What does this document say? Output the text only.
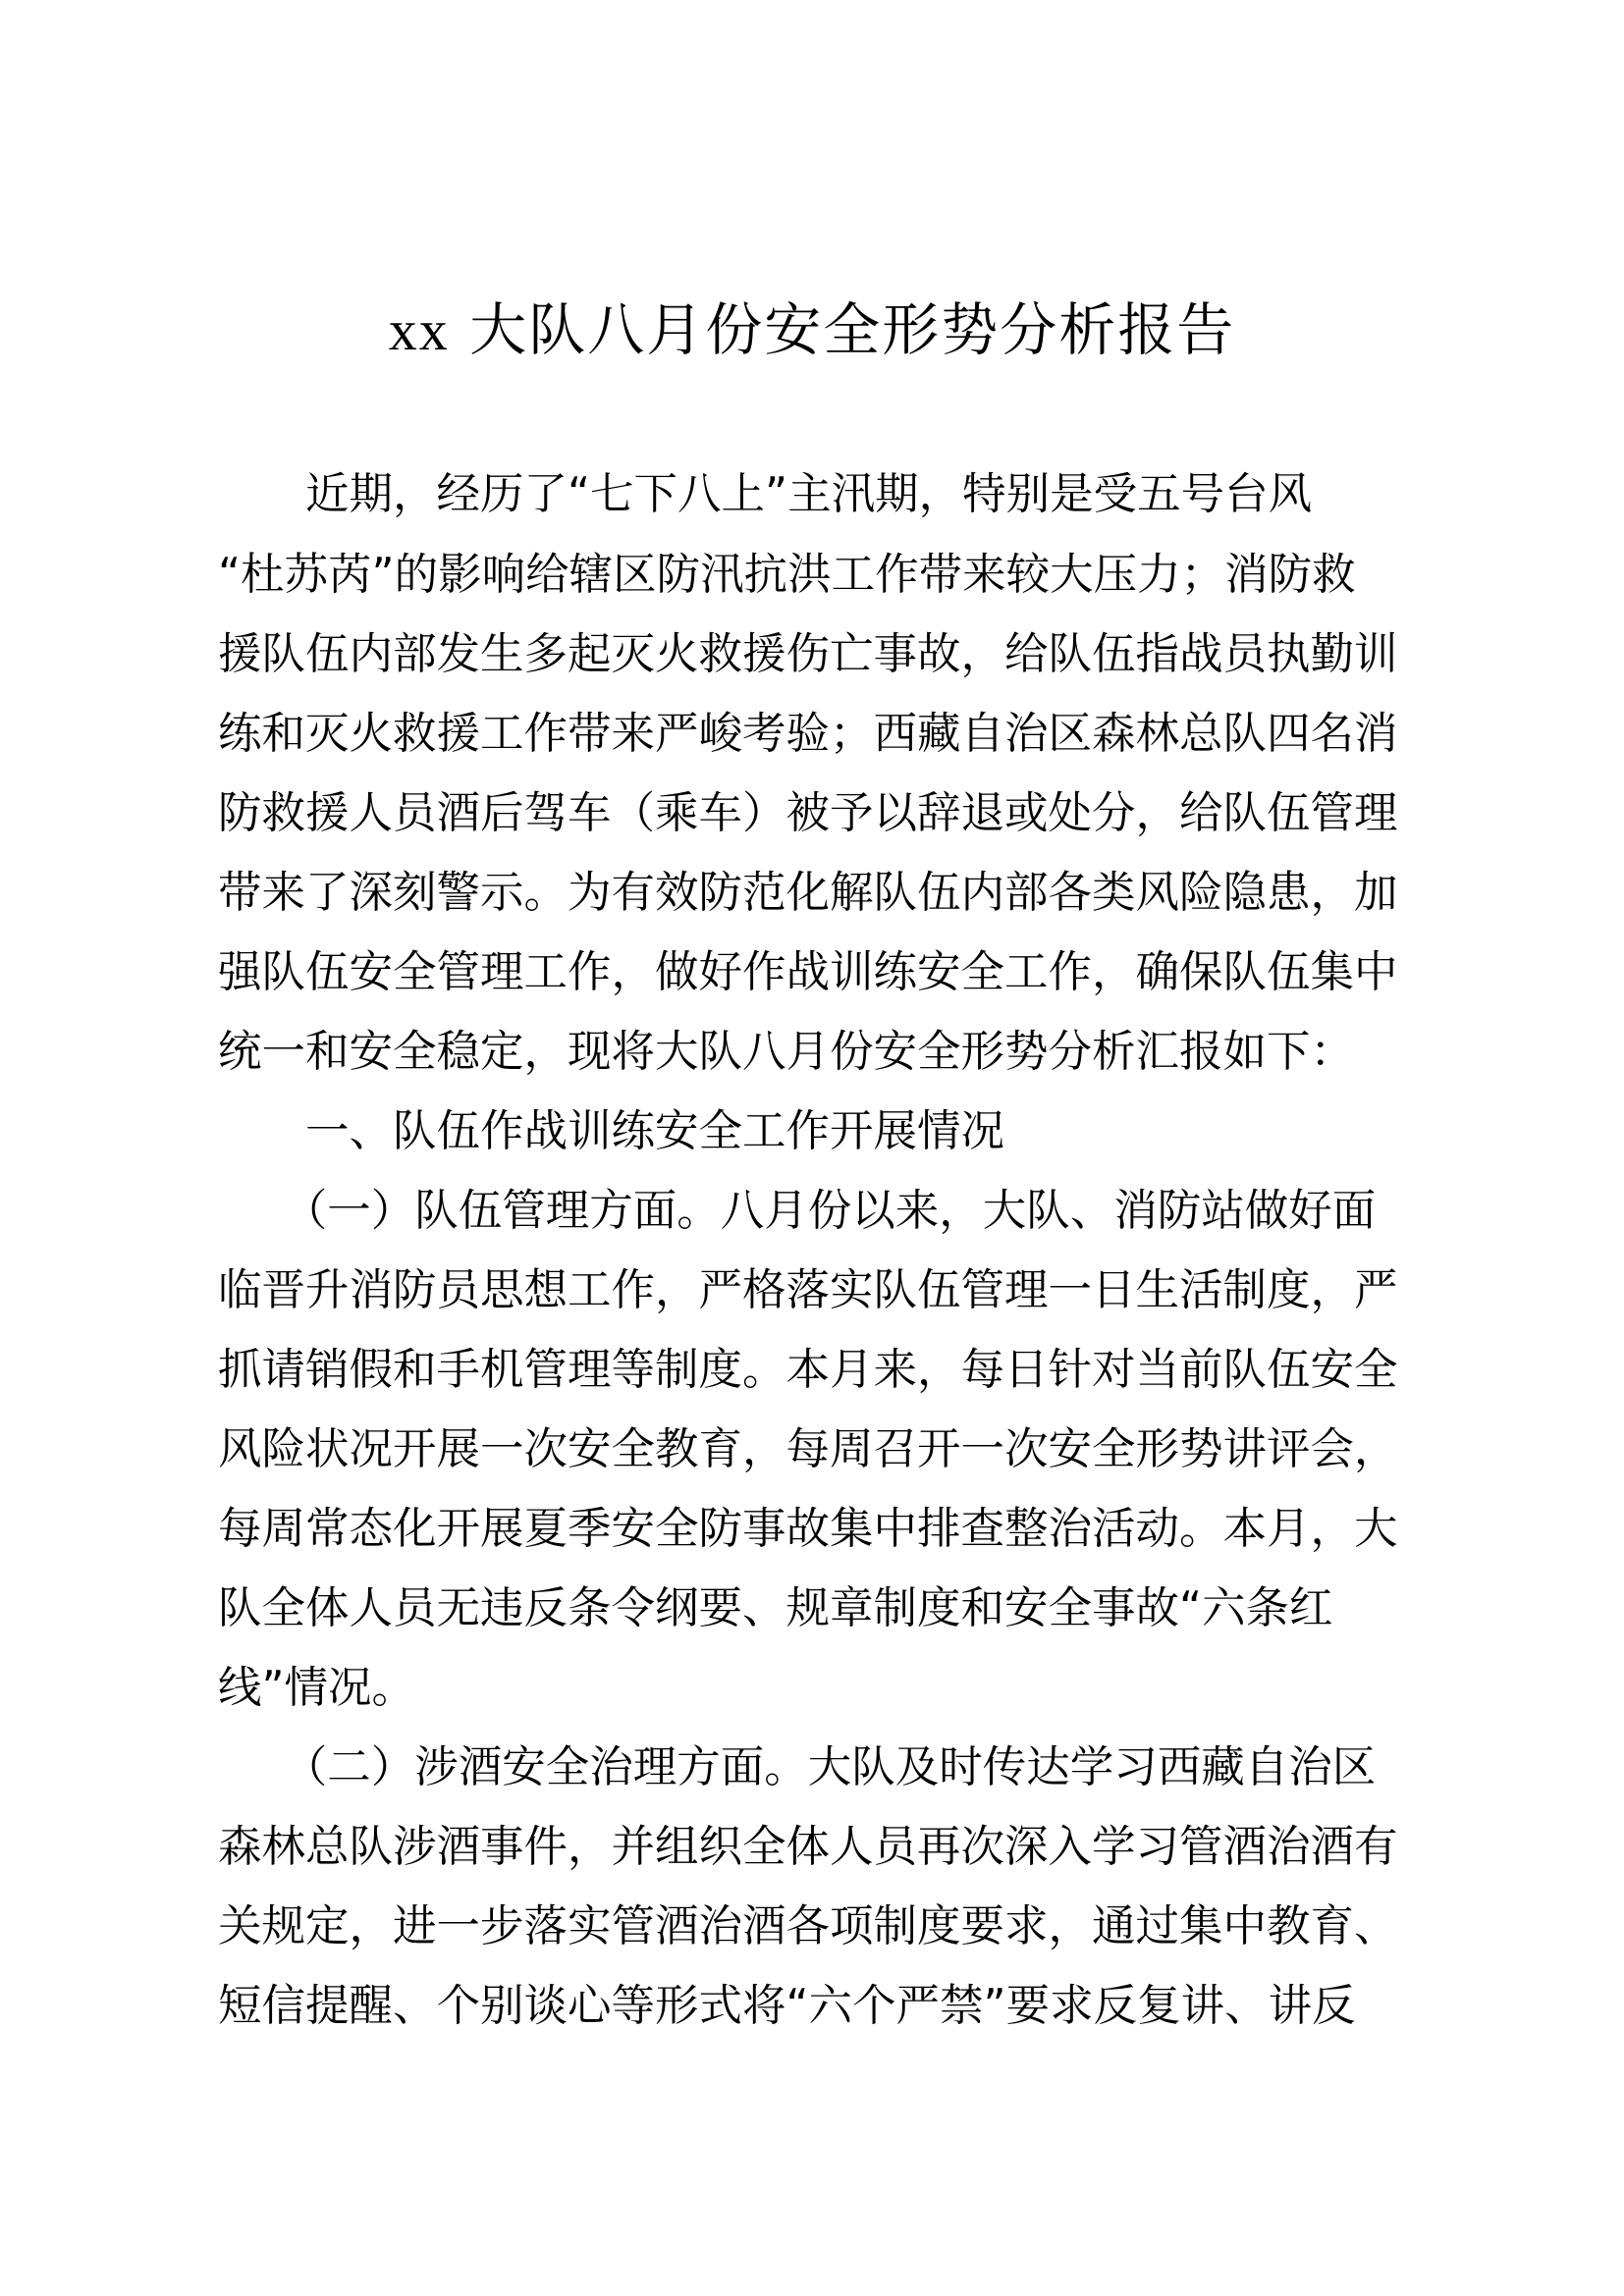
xx 大队八月份安全形势分析报告
　　近期，经历了“七下八上”主汛期，特别是受五号台风
“杜苏芮”的影响给辖区防汛抗洪工作带来较大压力；消防救
援队伍内部发生多起灭火救援伤亡事故，给队伍指战员执勤训
练和灭火救援工作带来严峻考验；西藏自治区森林总队四名消
防救援人员酒后驾车（乘车）被予以辞退或处分，给队伍管理
带来了深刻警示。为有效防范化解队伍内部各类风险隐患，加
强队伍安全管理工作，做好作战训练安全工作，确保队伍集中
统一和安全稳定，现将大队八月份安全形势分析汇报如下：
　　一、队伍作战训练安全工作开展情况
　　（一）队伍管理方面。八月份以来，大队、消防站做好面
临晋升消防员思想工作，严格落实队伍管理一日生活制度，严
抓请销假和手机管理等制度。本月来，每日针对当前队伍安全
风险状况开展一次安全教育，每周召开一次安全形势讲评会，
每周常态化开展夏季安全防事故集中排查整治活动。本月，大
队全体人员无违反条令纲要、规章制度和安全事故“六条红
线”情况。
　　（二）涉酒安全治理方面。大队及时传达学习西藏自治区
森林总队涉酒事件，并组织全体人员再次深入学习管酒治酒有
关规定，进一步落实管酒治酒各项制度要求，通过集中教育、
短信提醒、个别谈心等形式将“六个严禁”要求反复讲、讲反
